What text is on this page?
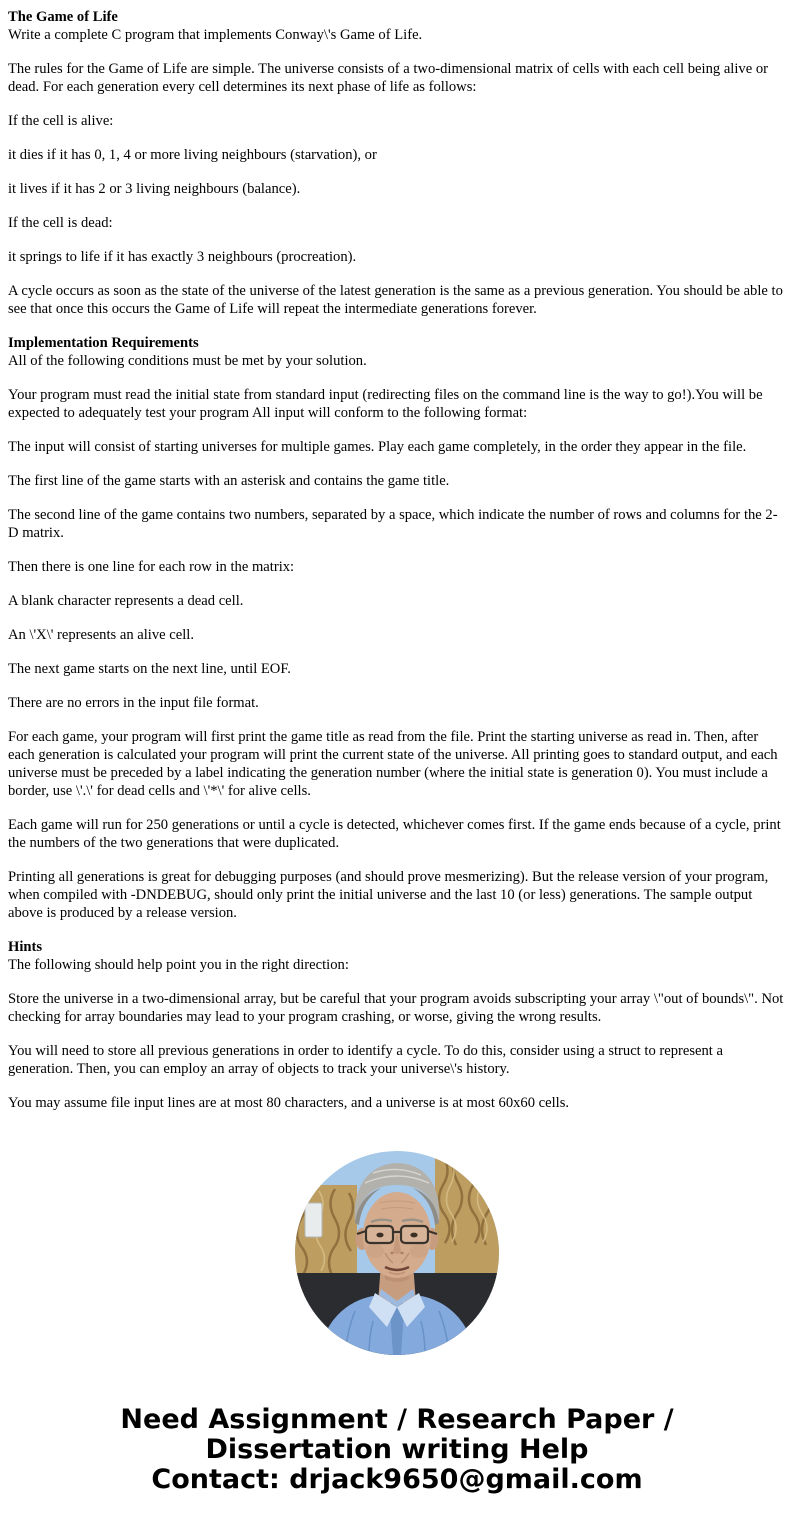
The Game of Life
Write a complete C program that implements Conway\'s Game of Life.
The rules for the Game of Life are simple. The universe consists of a two-dimensional matrix of cells with each cell being alive or dead. For each generation every cell determines its next phase of life as follows:
If the cell is alive:
it dies if it has 0, 1, 4 or more living neighbours (starvation), or
it lives if it has 2 or 3 living neighbours (balance).
If the cell is dead:
it springs to life if it has exactly 3 neighbours (procreation).
A cycle occurs as soon as the state of the universe of the latest generation is the same as a previous generation. You should be able to see that once this occurs the Game of Life will repeat the intermediate generations forever.
Implementation Requirements
All of the following conditions must be met by your solution.
Your program must read the initial state from standard input (redirecting files on the command line is the way to go!).You will be expected to adequately test your program All input will conform to the following format:
The input will consist of starting universes for multiple games. Play each game completely, in the order they appear in the file.
The first line of the game starts with an asterisk and contains the game title.
The second line of the game contains two numbers, separated by a space, which indicate the number of rows and columns for the 2-D matrix.
Then there is one line for each row in the matrix:
A blank character represents a dead cell.
An \'X\' represents an alive cell.
The next game starts on the next line, until EOF.
There are no errors in the input file format.
For each game, your program will first print the game title as read from the file. Print the starting universe as read in. Then, after each generation is calculated your program will print the current state of the universe. All printing goes to standard output, and each universe must be preceded by a label indicating the generation number (where the initial state is generation 0). You must include a border, use \'.\' for dead cells and \'*\' for alive cells.
Each game will run for 250 generations or until a cycle is detected, whichever comes first. If the game ends because of a cycle, print the numbers of the two generations that were duplicated.
Printing all generations is great for debugging purposes (and should prove mesmerizing). But the release version of your program, when compiled with -DNDEBUG, should only print the initial universe and the last 10 (or less) generations. The sample output above is produced by a release version.
Hints
The following should help point you in the right direction:
Store the universe in a two-dimensional array, but be careful that your program avoids subscripting your array \"out of bounds\". Not checking for array boundaries may lead to your program crashing, or worse, giving the wrong results.
You will need to store all previous generations in order to identify a cycle. To do this, consider using a struct to represent a generation. Then, you can employ an array of objects to track your universe\'s history.
You may assume file input lines are at most 80 characters, and a universe is at most 60x60 cells.

Need Assignment / Research Paper / Dissertation writing Help

Contact: drjack9650@gmail.com
